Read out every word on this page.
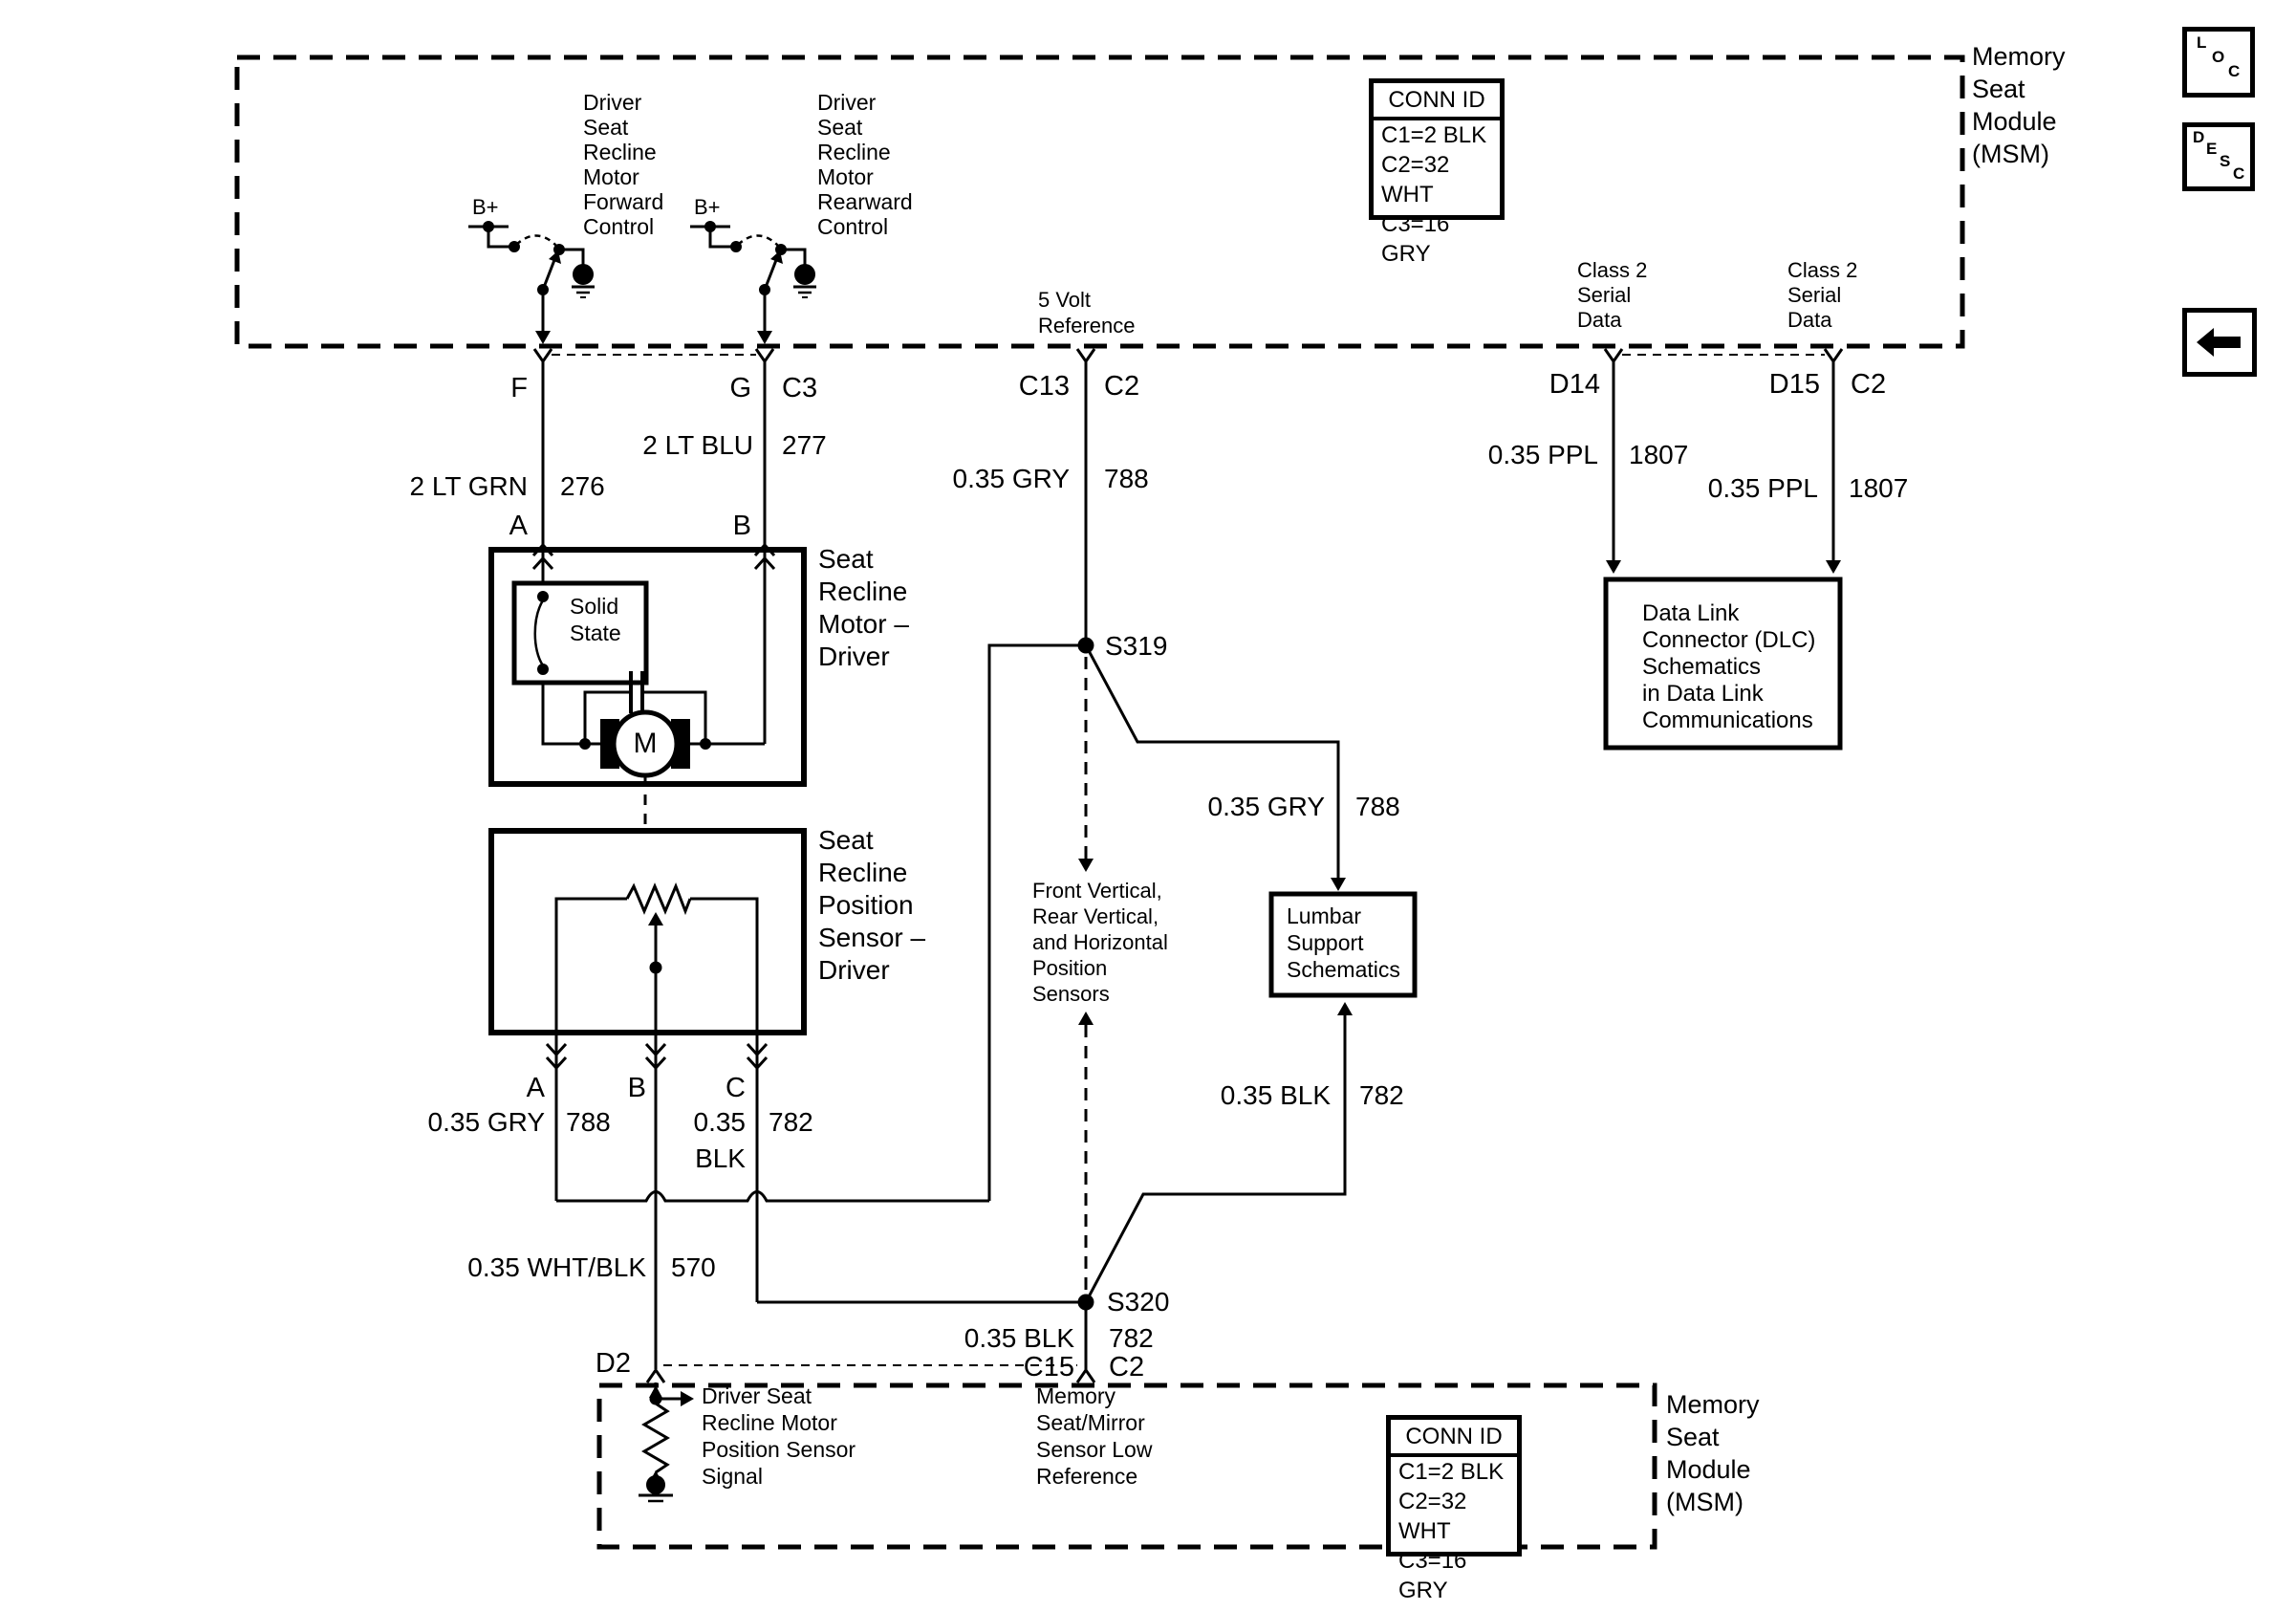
L
O
C
D
E
S
C
Memory
Seat
Module
(MSM)
Memory
Seat
Module
(MSM)
CONN ID
C1=2 BLK
C2=32 WHT
C3=16 GRY
CONN ID
C1=2 BLK
C2=32 WHT
C3=16 GRY
Driver
Seat
Recline
Motor
Forward
Control
Driver
Seat
Recline
Motor
Rearward
Control
B+	B+
5 Volt
Reference
Class 2
Serial
Data
Class 2
Serial
Data
Front Vertical,
Rear Vertical,
and Horizontal
Position
Sensors
F	G C3	C13 C2	D14	D15 C2
2 LT BLU 277
2 LT GRN 276	0.35 GRY 788
0.35 PPL 1807
0.35 PPL 1807
A	B
A	B	C
0.35 GRY 788	0.35
BLK
782
0.35 WHT/BLK 570
S319
S320
0.35 GRY 788
0.35 BLK 782
0.35 BLK 782
D2	C15 C2
Solid
State
M
Seat
Recline
Motor –
Driver
Seat
Recline
Position
Sensor –
Driver
Data Link
Connector (DLC)
Schematics
in Data Link
Communications
Lumbar
Support
Schematics
Driver Seat
Recline Motor
Position Sensor
Signal
Memory
Seat/Mirror
Sensor Low
Reference
